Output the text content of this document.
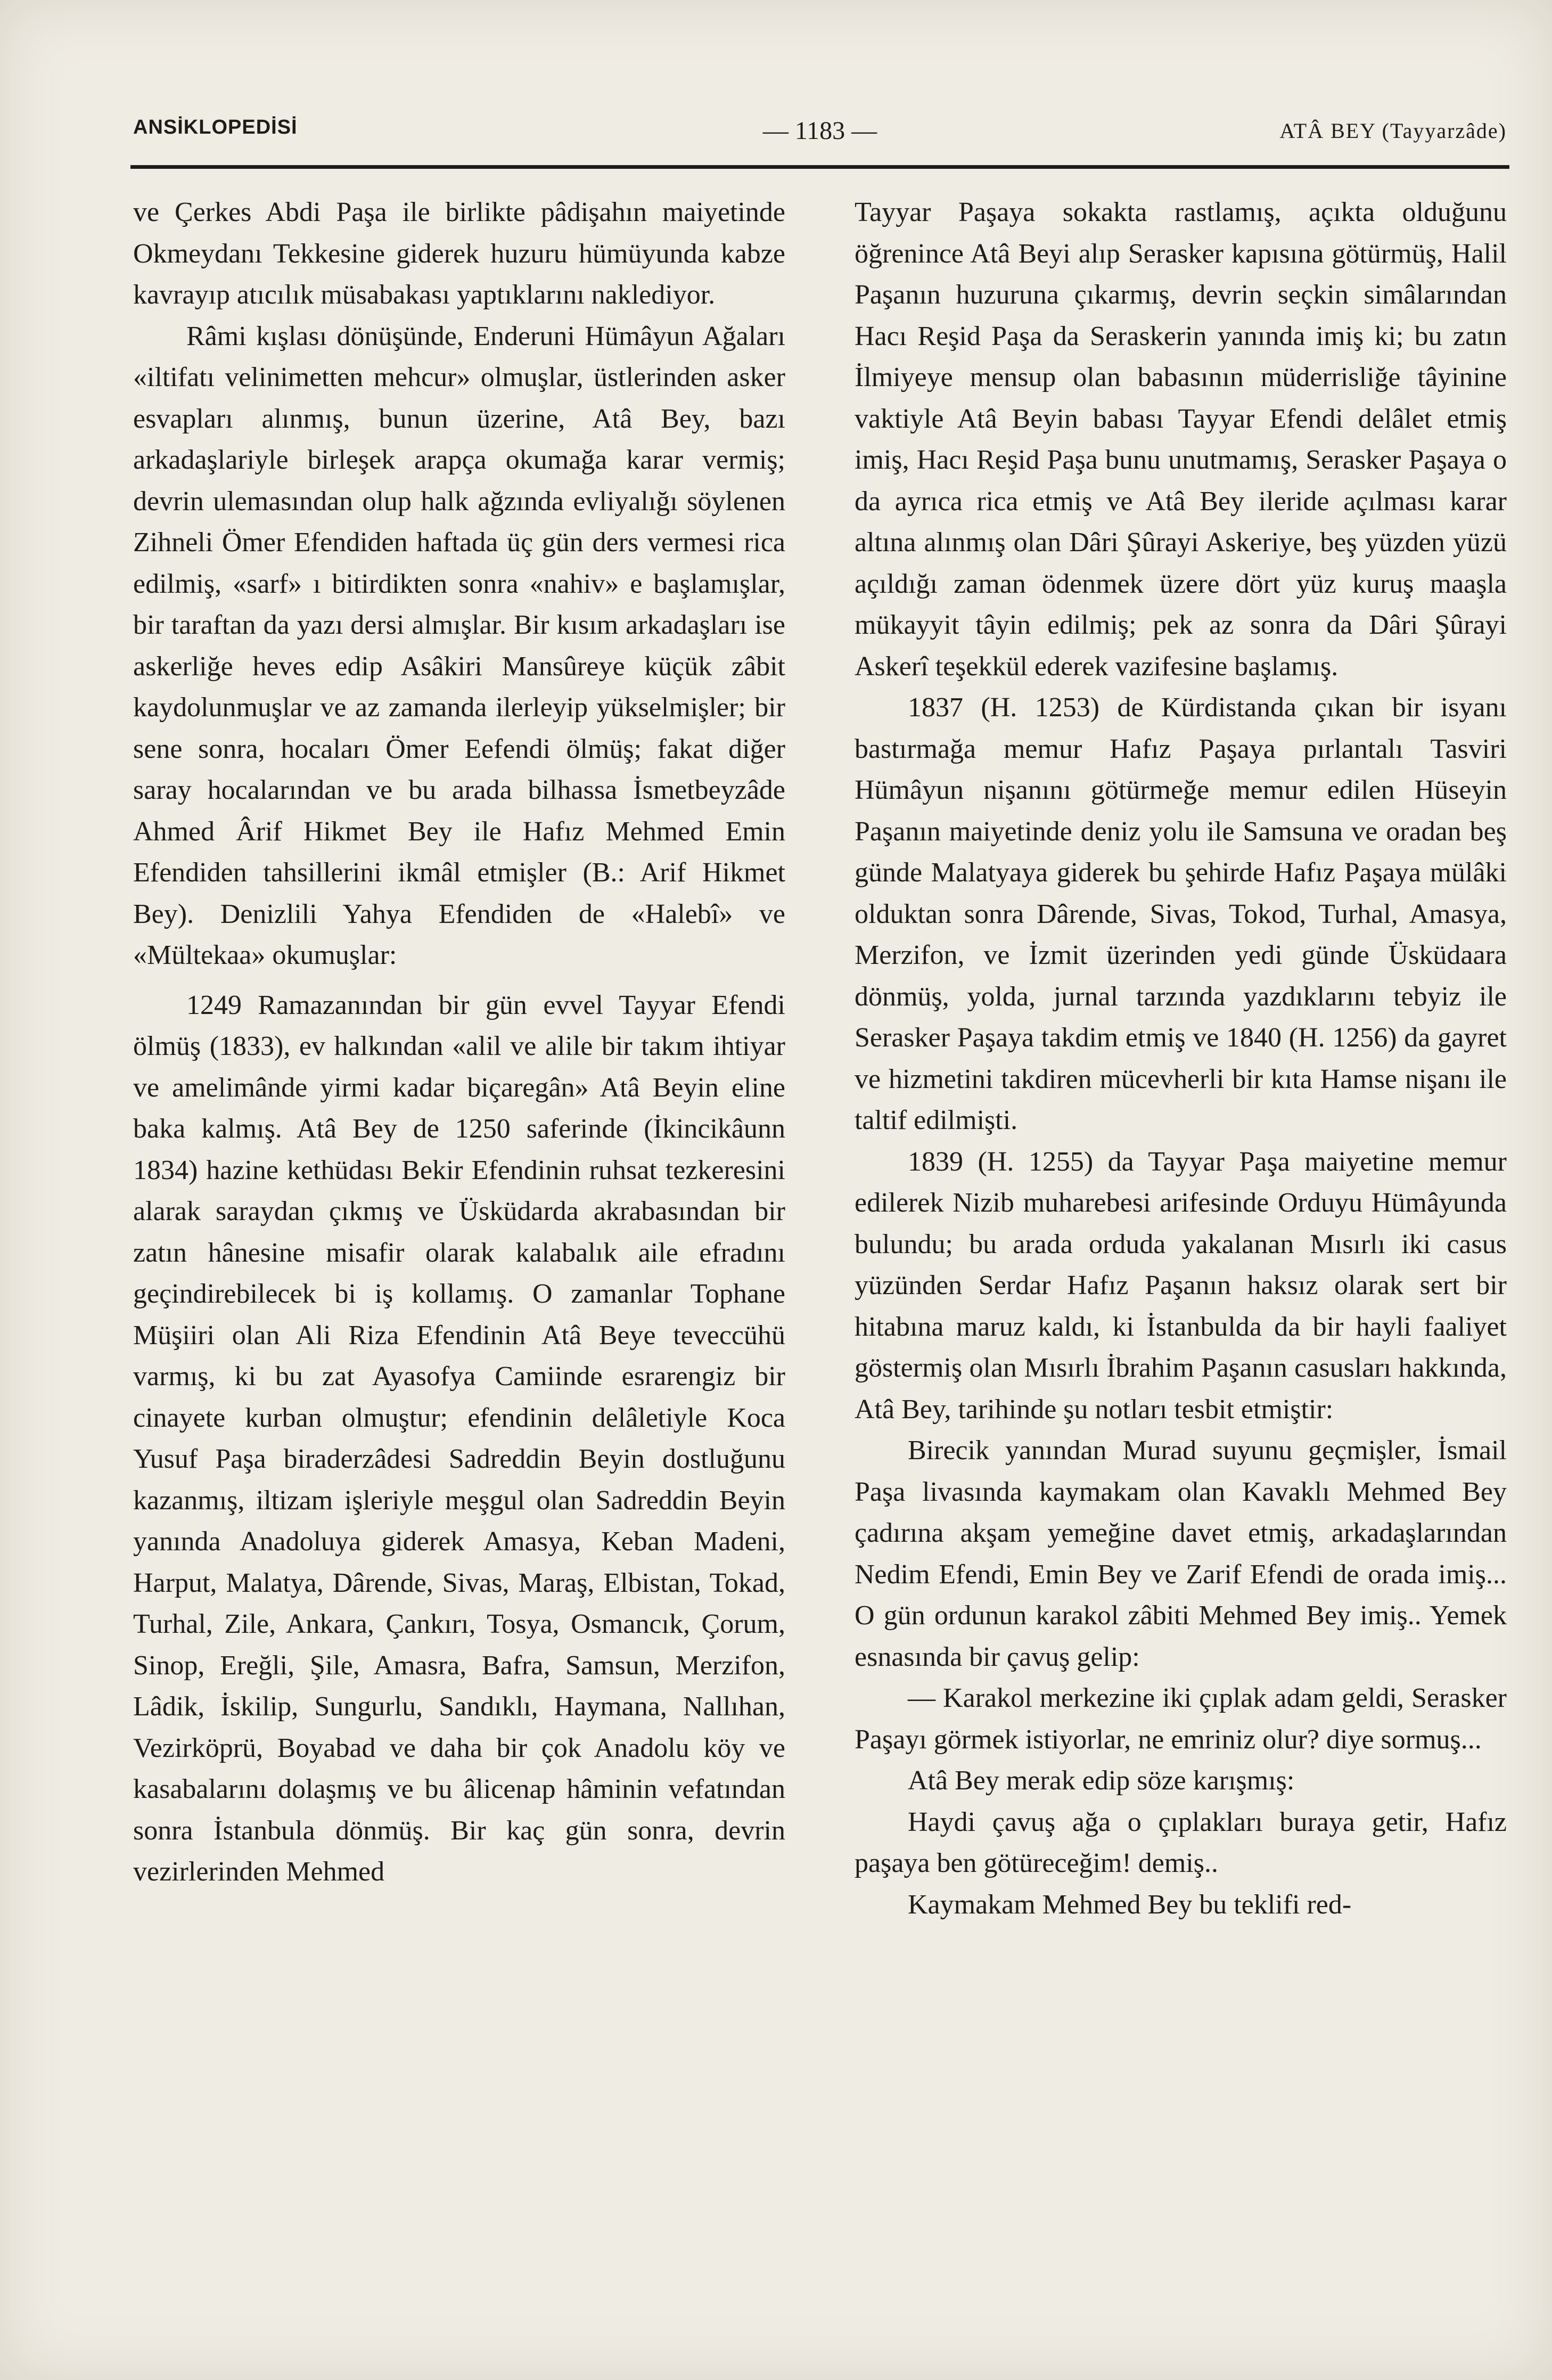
ANSİKLOPEDİSİ	— 1183 —	ATÂ BEY (Tayyarzâde)

ve Çerkes Abdi Paşa ile birlikte pâdişahın maiyetinde Okmeydanı Tekkesine giderek huzuru hümüyunda kabze kavrayıp atıcılık müsabakası yaptıklarını naklediyor.

Râmi kışlası dönüşünde, Enderuni Hümâyun Ağaları «iltifatı velinimetten mehcur» olmuşlar, üstlerinden asker esvapları alınmış, bunun üzerine, Atâ Bey, bazı arkadaşlariyle birleşek arapça okumağa karar vermiş; devrin ulemasından olup halk ağzında evliyalığı söylenen Zihneli Ömer Efendiden haftada üç gün ders vermesi rica edilmiş, «sarf» ı bitirdikten sonra «nahiv» e başlamışlar, bir taraftan da yazı dersi almışlar. Bir kısım arkadaşları ise askerliğe heves edip Asâkiri Mansûreye küçük zâbit kaydolunmuşlar ve az zamanda ilerleyip yükselmişler; bir sene sonra, hocaları Ömer Eefendi ölmüş; fakat diğer saray hocalarından ve bu arada bilhassa İsmetbeyzâde Ahmed Ârif Hikmet Bey ile Hafız Mehmed Emin Efendiden tahsillerini ikmâl etmişler (B.: Arif Hikmet Bey). Denizlili Yahya Efendiden de «Halebî» ve «Mültekaa» okumuşlar:

1249 Ramazanından bir gün evvel Tayyar Efendi ölmüş (1833), ev halkından «alil ve alile bir takım ihtiyar ve amelimânde yirmi kadar biçaregân» Atâ Beyin eline baka kalmış. Atâ Bey de 1250 saferinde (İkincikâunn 1834) hazine kethüdası Bekir Efendinin ruhsat tezkeresini alarak saraydan çıkmış ve Üsküdarda akrabasından bir zatın hânesine misafir olarak kalabalık aile efradını geçindirebilecek bi iş kollamış. O zamanlar Tophane Müşiiri olan Ali Riza Efendinin Atâ Beye teveccühü varmış, ki bu zat Ayasofya Camiinde esrarengiz bir cinayete kurban olmuştur; efendinin delâletiyle Koca Yusuf Paşa biraderzâdesi Sadreddin Beyin dostluğunu kazanmış, iltizam işleriyle meşgul olan Sadreddin Beyin yanında Anadoluya giderek Amasya, Keban Madeni, Harput, Malatya, Dârende, Sivas, Maraş, Elbistan, Tokad, Turhal, Zile, Ankara, Çankırı, Tosya, Osmancık, Çorum, Sinop, Ereğli, Şile, Amasra, Bafra, Samsun, Merzifon, Lâdik, İskilip, Sungurlu, Sandıklı, Haymana, Nallıhan, Vezirköprü, Boyabad ve daha bir çok Anadolu köy ve kasabalarını dolaşmış ve bu âlicenap hâminin vefatından sonra İstanbula dönmüş. Bir kaç gün sonra, devrin vezirlerinden Mehmed

Tayyar Paşaya sokakta rastlamış, açıkta olduğunu öğrenince Atâ Beyi alıp Serasker kapısına götürmüş, Halil Paşanın huzuruna çıkarmış, devrin seçkin simâlarından Hacı Reşid Paşa da Seraskerin yanında imiş ki; bu zatın İlmiyeye mensup olan babasının müderrisliğe tâyinine vaktiyle Atâ Beyin babası Tayyar Efendi delâlet etmiş imiş, Hacı Reşid Paşa bunu unutmamış, Serasker Paşaya o da ayrıca rica etmiş ve Atâ Bey ileride açılması karar altına alınmış olan Dâri Şûrayi Askeriye, beş yüzden yüzü açıldığı zaman ödenmek üzere dört yüz kuruş maaşla mükayyit tâyin edilmiş; pek az sonra da Dâri Şûrayi Askerî teşekkül ederek vazifesine başlamış.

1837 (H. 1253) de Kürdistanda çıkan bir isyanı bastırmağa memur Hafız Paşaya pırlantalı Tasviri Hümâyun nişanını götürmeğe memur edilen Hüseyin Paşanın maiyetinde deniz yolu ile Samsuna ve oradan beş günde Malatyaya giderek bu şehirde Hafız Paşaya mülâki olduktan sonra Dârende, Sivas, Tokod, Turhal, Amasya, Merzifon, ve İzmit üzerinden yedi günde Üsküdaara dönmüş, yolda, jurnal tarzında yazdıklarını tebyiz ile Serasker Paşaya takdim etmiş ve 1840 (H. 1256) da gayret ve hizmetini takdiren mücevherli bir kıta Hamse nişanı ile taltif edilmişti.

1839 (H. 1255) da Tayyar Paşa maiyetine memur edilerek Nizib muharebesi arifesinde Orduyu Hümâyunda bulundu; bu arada orduda yakalanan Mısırlı iki casus yüzünden Serdar Hafız Paşanın haksız olarak sert bir hitabına maruz kaldı, ki İstanbulda da bir hayli faaliyet göstermiş olan Mısırlı İbrahim Paşanın casusları hakkında, Atâ Bey, tarihinde şu notları tesbit etmiştir:

Birecik yanından Murad suyunu geçmişler, İsmail Paşa livasında kaymakam olan Kavaklı Mehmed Bey çadırına akşam yemeğine davet etmiş, arkadaşlarından Nedim Efendi, Emin Bey ve Zarif Efendi de orada imiş... O gün ordunun karakol zâbiti Mehmed Bey imiş.. Yemek esnasında bir çavuş gelip:

— Karakol merkezine iki çıplak adam geldi, Serasker Paşayı görmek istiyorlar, ne emriniz olur? diye sormuş...

Atâ Bey merak edip söze karışmış:

Haydi çavuş ağa o çıplakları buraya getir, Hafız paşaya ben götüreceğim! demiş..

Kaymakam Mehmed Bey bu teklifi red-
